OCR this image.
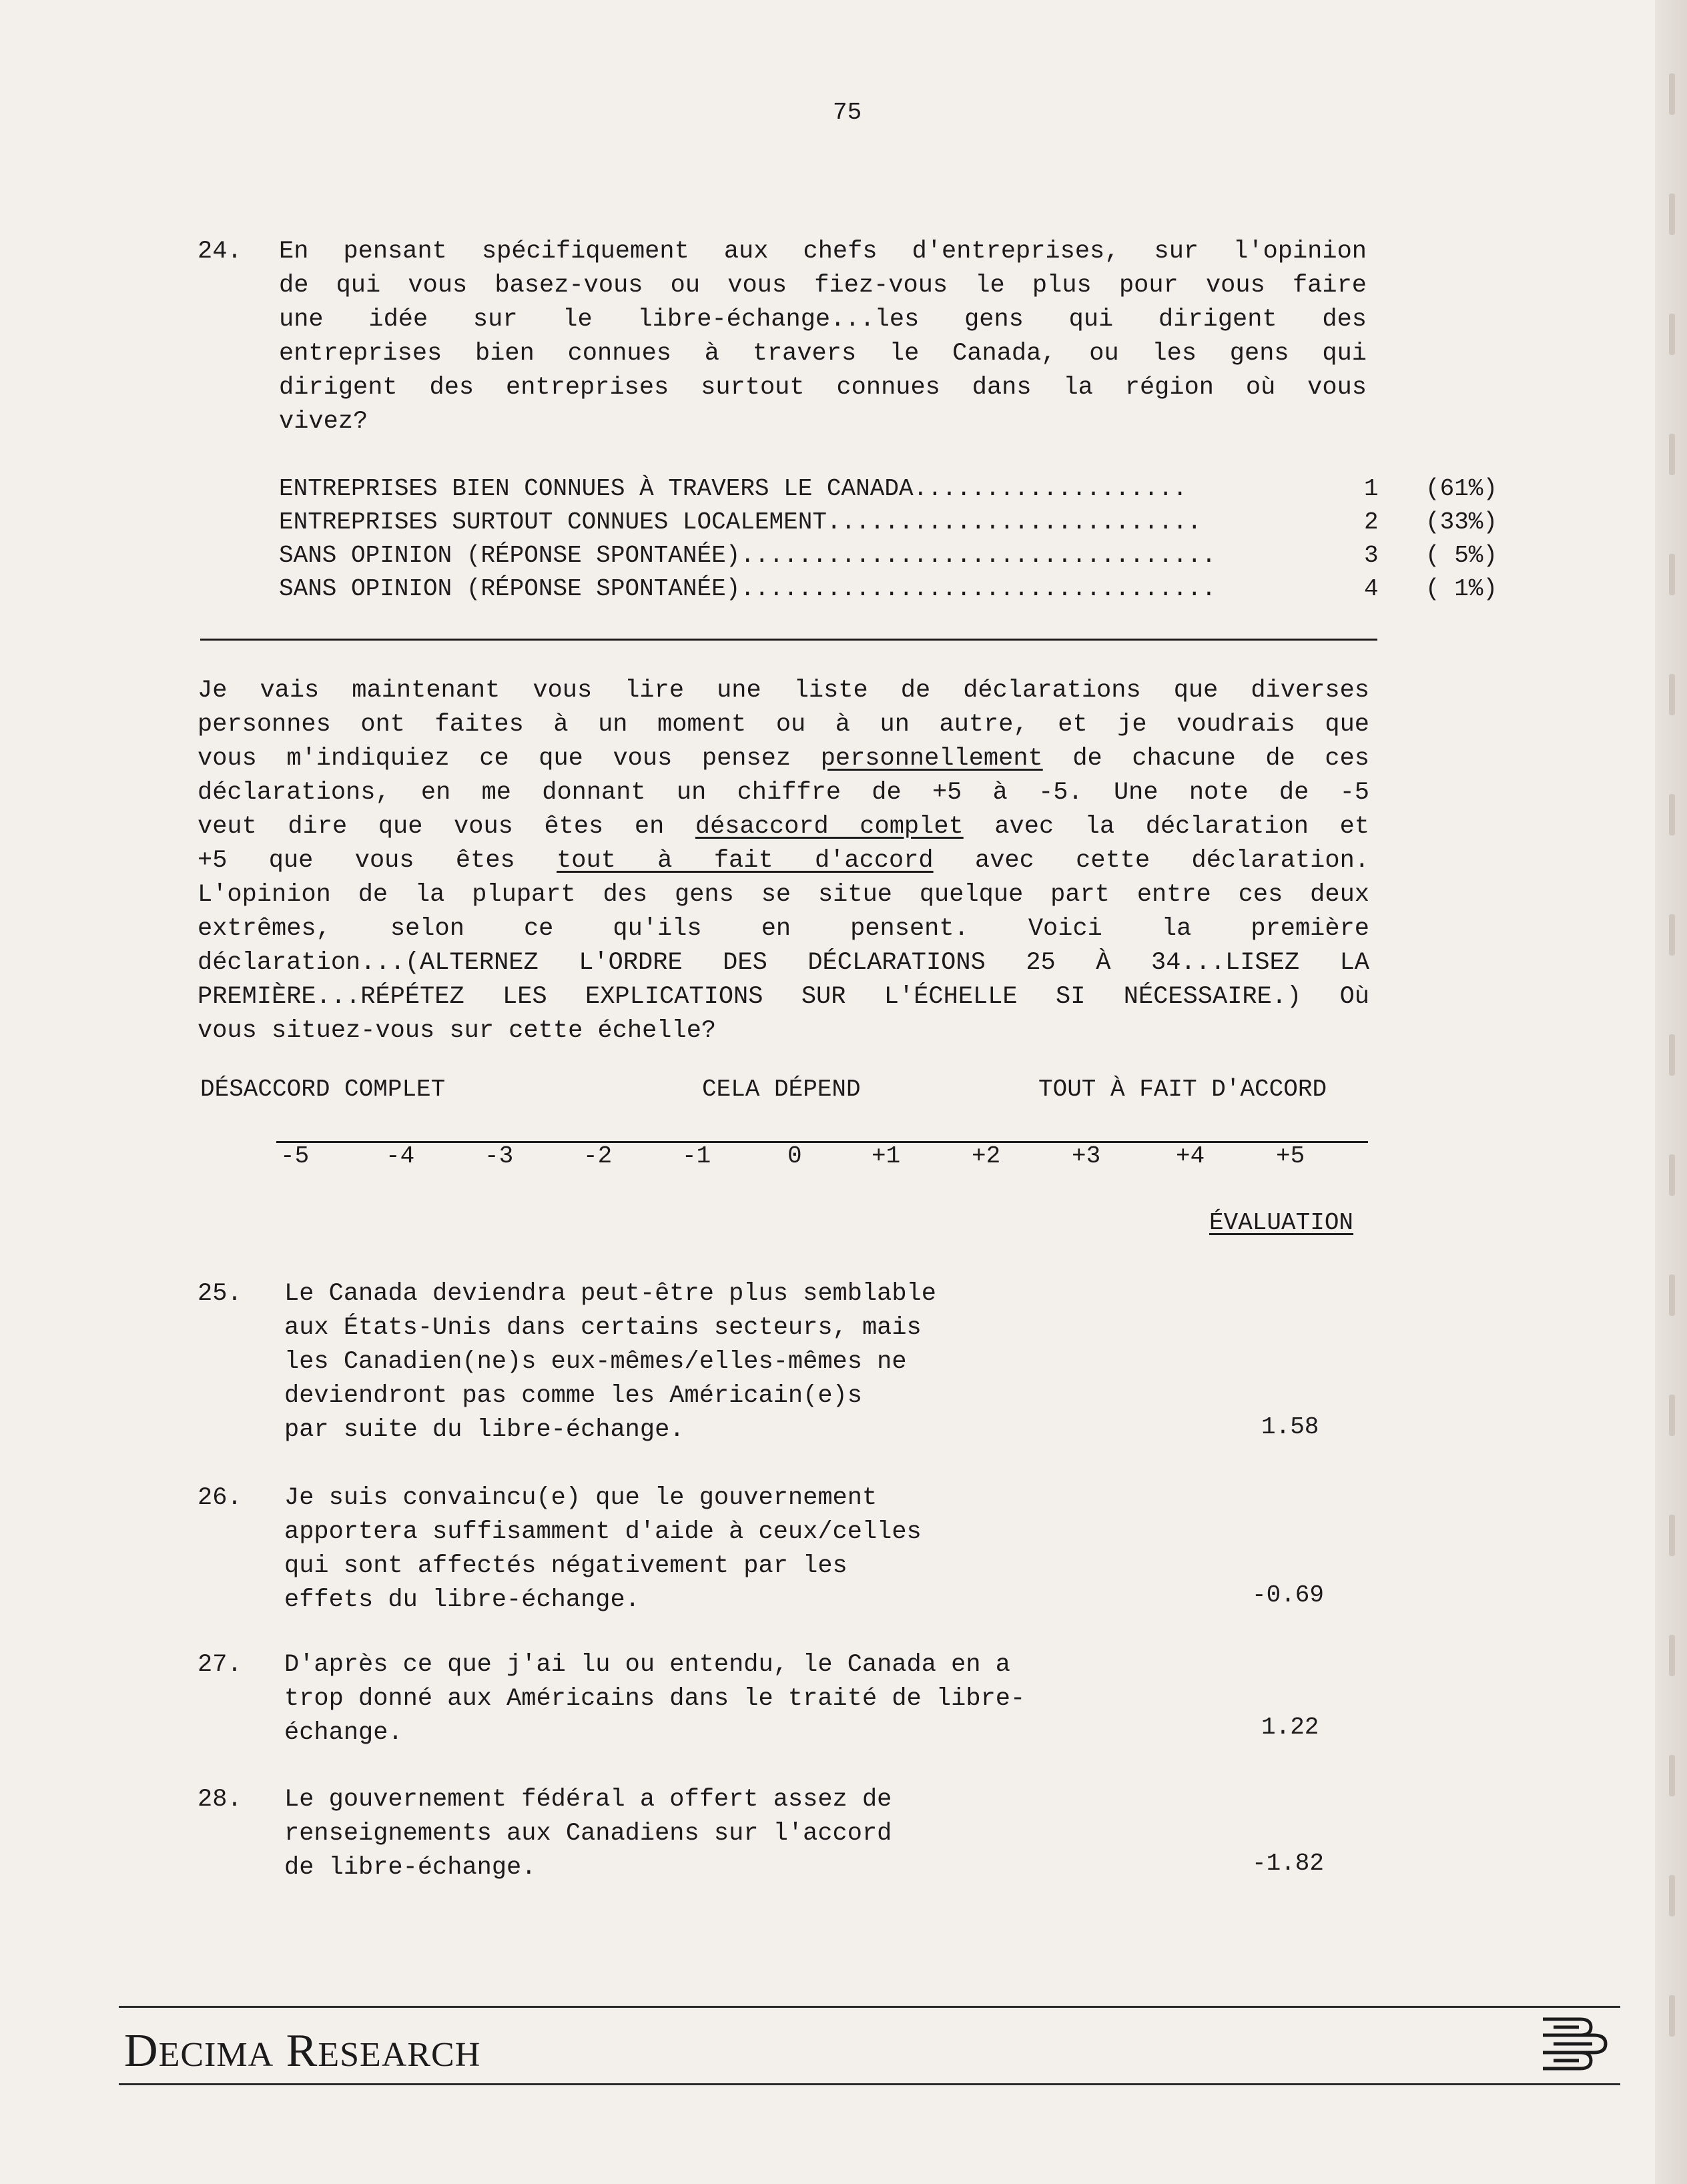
75
24. En pensant spécifiquement aux chefs d'entreprises, sur l'opinion
de qui vous basez-vous ou vous fiez-vous le plus pour vous faire
une idée sur le libre-échange...les gens qui dirigent des
entreprises bien connues à travers le Canada, ou les gens qui
dirigent des entreprises surtout connues dans la région où vous
vivez?
ENTREPRISES BIEN CONNUES À TRAVERS LE CANADA...................	1 (61%)
ENTREPRISES SURTOUT CONNUES LOCALEMENT..........................	2 (33%)
SANS OPINION (RÉPONSE SPONTANÉE).................................	3 ( 5%)
SANS OPINION (RÉPONSE SPONTANÉE).................................	4 ( 1%)
Je vais maintenant vous lire une liste de déclarations que diverses
personnes ont faites à un moment ou à un autre, et je voudrais que
vous m'indiquiez ce que vous pensez personnellement de chacune de ces
déclarations, en me donnant un chiffre de +5 à -5. Une note de -5
veut dire que vous êtes en désaccord complet avec la déclaration et
+5 que vous êtes tout à fait d'accord avec cette déclaration.
L'opinion de la plupart des gens se situe quelque part entre ces deux
extrêmes, selon ce qu'ils en pensent. Voici la première
déclaration...(ALTERNEZ L'ORDRE DES DÉCLARATIONS 25 À 34...LISEZ LA
PREMIÈRE...RÉPÉTEZ LES EXPLICATIONS SUR L'ÉCHELLE SI NÉCESSAIRE.) Où
vous situez-vous sur cette échelle?
DÉSACCORD COMPLET	CELA DÉPEND	TOUT À FAIT D'ACCORD
-5	-4	-3	-2	-1	0	+1	+2	+3	+4	+5
ÉVALUATION
25. Le Canada deviendra peut-être plus semblable
aux États-Unis dans certains secteurs, mais
les Canadien(ne)s eux-mêmes/elles-mêmes ne
deviendront pas comme les Américain(e)s
par suite du libre-échange.	1.58
26. Je suis convaincu(e) que le gouvernement
apportera suffisamment d'aide à ceux/celles
qui sont affectés négativement par les
effets du libre-échange.	-0.69
27. D'après ce que j'ai lu ou entendu, le Canada en a
trop donné aux Américains dans le traité de libre-
échange.	1.22
28. Le gouvernement fédéral a offert assez de
renseignements aux Canadiens sur l'accord
de libre-échange.	-1.82
DECIMA RESEARCH
